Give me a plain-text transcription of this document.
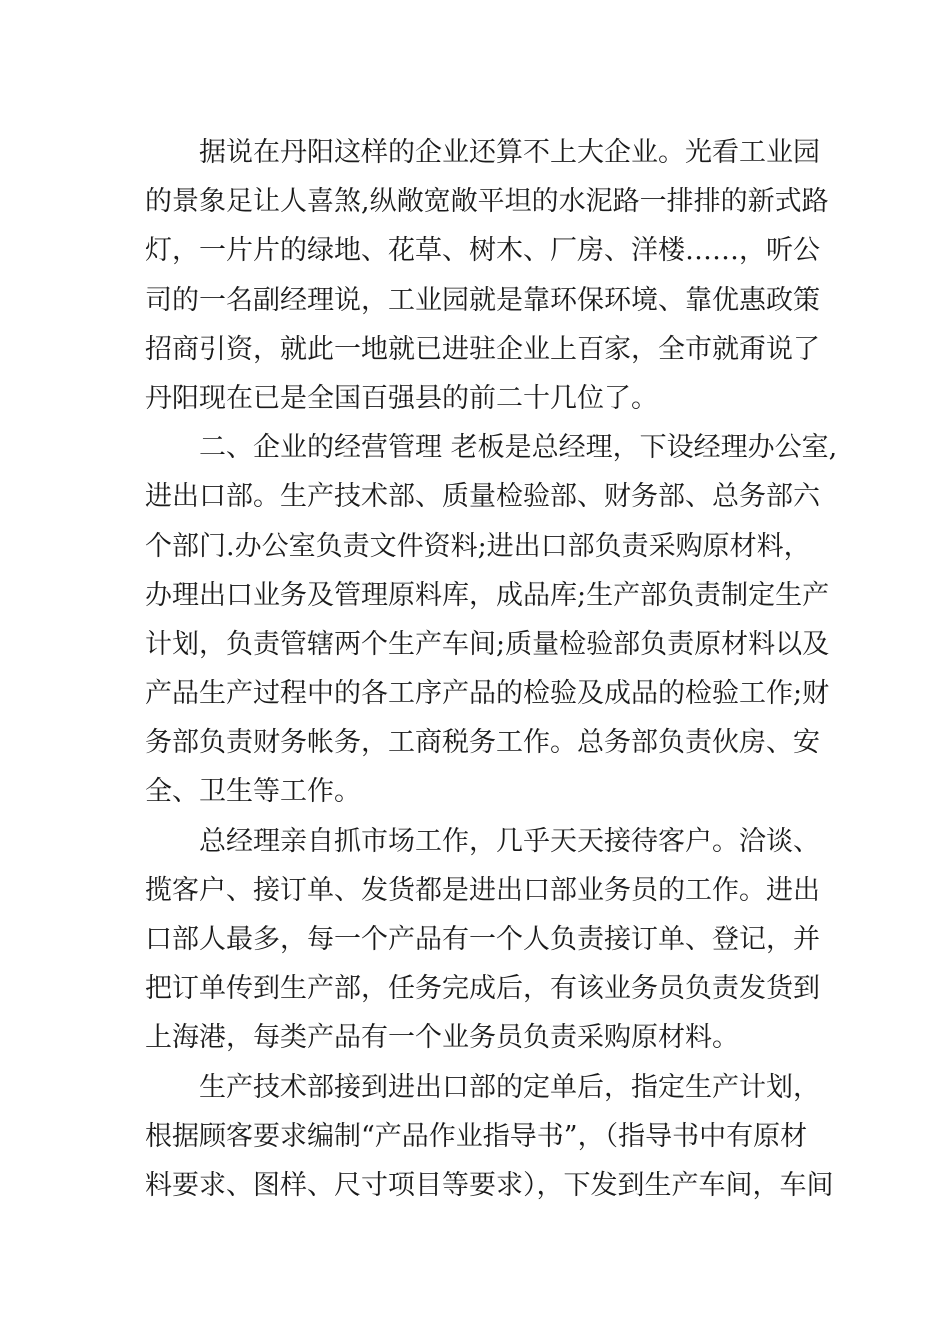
据说在丹阳这样的企业还算不上大企业。光看工业园
的景象足让人喜煞,纵敞宽敞平坦的水泥路一排排的新式路
灯，一片片的绿地、花草、树木、厂房、洋楼……，听公
司的一名副经理说，工业园就是靠环保环境、靠优惠政策
招商引资，就此一地就已进驻企业上百家，全市就甭说了
丹阳现在已是全国百强县的前二十几位了。
二、企业的经营管理 老板是总经理，下设经理办公室,
进出口部。生产技术部、质量检验部、财务部、总务部六
个部门.办公室负责文件资料;进出口部负责采购原材料，
办理出口业务及管理原料库，成品库;生产部负责制定生产
计划，负责管辖两个生产车间;质量检验部负责原材料以及
产品生产过程中的各工序产品的检验及成品的检验工作;财
务部负责财务帐务，工商税务工作。总务部负责伙房、安
全、卫生等工作。
总经理亲自抓市场工作，几乎天天接待客户。洽谈、
揽客户、接订单、发货都是进出口部业务员的工作。进出
口部人最多，每一个产品有一个人负责接订单、登记，并
把订单传到生产部，任务完成后，有该业务员负责发货到
上海港，每类产品有一个业务员负责采购原材料。
生产技术部接到进出口部的定单后，指定生产计划，
根据顾客要求编制“产品作业指导书”，（指导书中有原材
料要求、图样、尺寸项目等要求），下发到生产车间，车间
